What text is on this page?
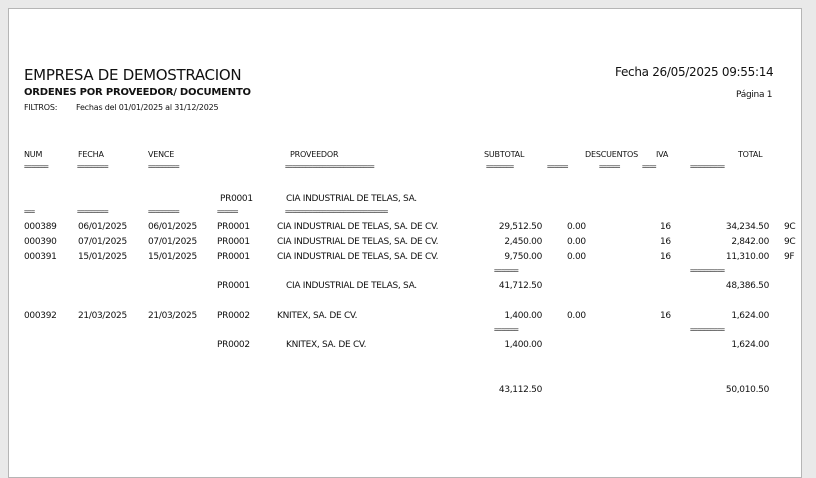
EMPRESA DE DEMOSTRACION
ORDENES POR PROVEEDOR/ DOCUMENTO
FILTROS: Fechas del 01/01/2025 al 31/12/2025
Fecha 26/05/2025 09:55:14
Página 1
NUM	FECHA	VENCE	PROVEEDOR	SUBTOTAL	DESCUENTOS IVA	TOTAL
=======	=========	=========	==========================	========	======	======	====	==========
PR0001	CIA INDUSTRIAL DE TELAS, SA.
===	=========	=========	======	==============================
000389 06/01/2025 06/01/2025 PR0001	CIA INDUSTRIAL DE TELAS, SA. DE CV.	29,512.50	0.00	16	34,234.50 9C
000390 07/01/2025 07/01/2025 PR0001	CIA INDUSTRIAL DE TELAS, SA. DE CV.	2,450.00	0.00	16	2,842.00 9C
000391 15/01/2025 15/01/2025 PR0001	CIA INDUSTRIAL DE TELAS, SA. DE CV.	9,750.00	0.00	16	11,310.00 9F
=======	==========
PR0001	CIA INDUSTRIAL DE TELAS, SA.	41,712.50	48,386.50
000392 21/03/2025 21/03/2025 PR0002	KNITEX, SA. DE CV.	1,400.00	0.00	16	1,624.00
=======	==========
PR0002	KNITEX, SA. DE CV.	1,400.00	1,624.00
43,112.50	50,010.50
